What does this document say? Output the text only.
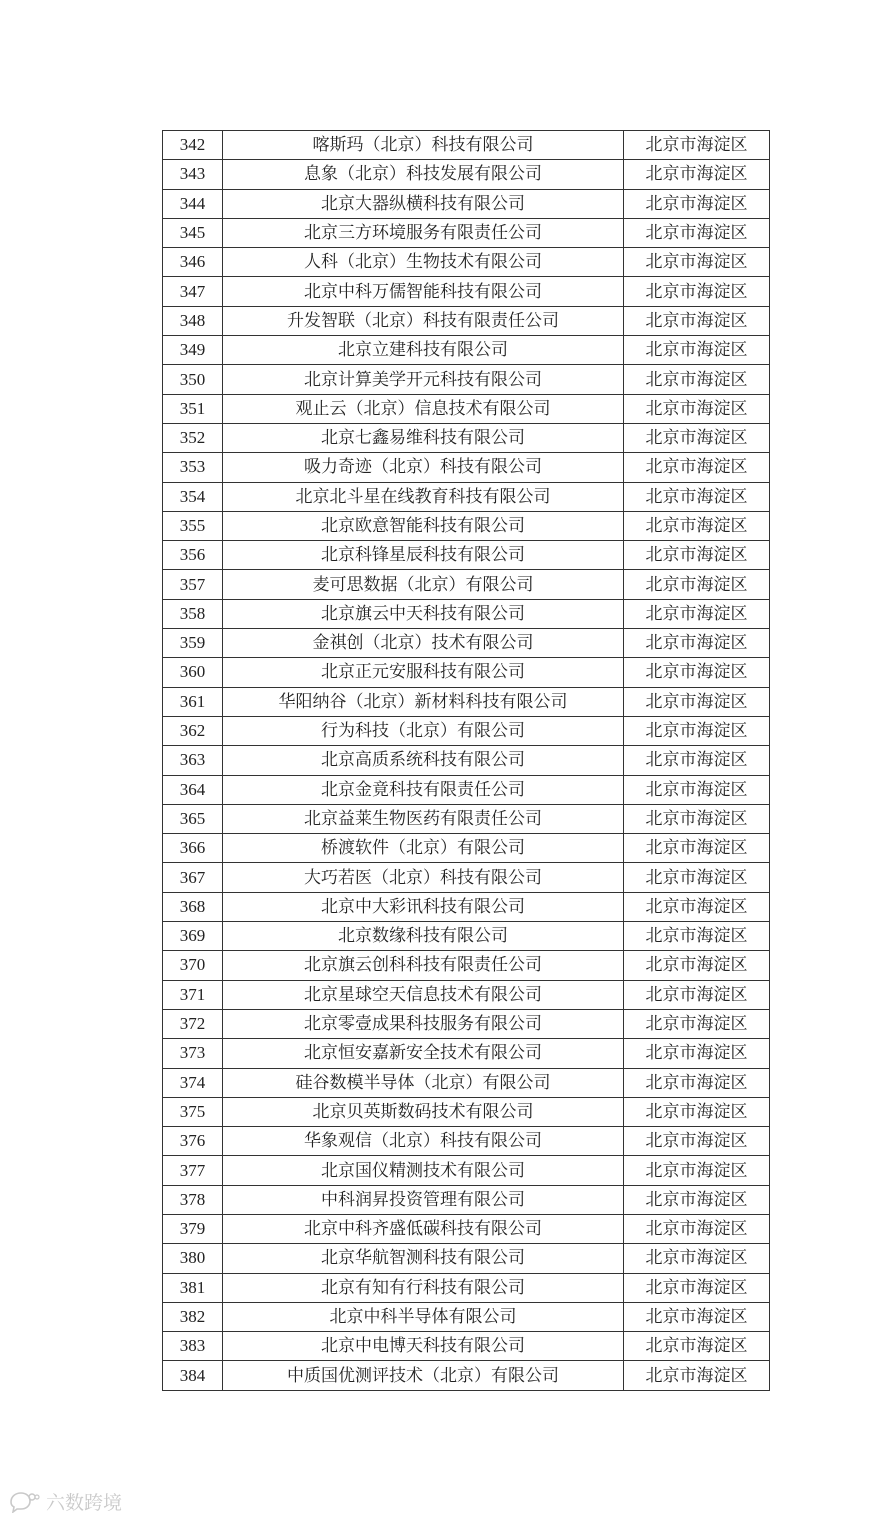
342	喀斯玛（北京）科技有限公司	北京市海淀区
343	息象（北京）科技发展有限公司	北京市海淀区
344	北京大器纵横科技有限公司	北京市海淀区
345	北京三方环境服务有限责任公司	北京市海淀区
346	人科（北京）生物技术有限公司	北京市海淀区
347	北京中科万儒智能科技有限公司	北京市海淀区
348	升发智联（北京）科技有限责任公司	北京市海淀区
349	北京立建科技有限公司	北京市海淀区
350	北京计算美学开元科技有限公司	北京市海淀区
351	观止云（北京）信息技术有限公司	北京市海淀区
352	北京七鑫易维科技有限公司	北京市海淀区
353	吸力奇迹（北京）科技有限公司	北京市海淀区
354	北京北斗星在线教育科技有限公司	北京市海淀区
355	北京欧意智能科技有限公司	北京市海淀区
356	北京科锋星辰科技有限公司	北京市海淀区
357	麦可思数据（北京）有限公司	北京市海淀区
358	北京旗云中天科技有限公司	北京市海淀区
359	金祺创（北京）技术有限公司	北京市海淀区
360	北京正元安服科技有限公司	北京市海淀区
361	华阳纳谷（北京）新材料科技有限公司	北京市海淀区
362	行为科技（北京）有限公司	北京市海淀区
363	北京高质系统科技有限公司	北京市海淀区
364	北京金竟科技有限责任公司	北京市海淀区
365	北京益莱生物医药有限责任公司	北京市海淀区
366	桥渡软件（北京）有限公司	北京市海淀区
367	大巧若医（北京）科技有限公司	北京市海淀区
368	北京中大彩讯科技有限公司	北京市海淀区
369	北京数缘科技有限公司	北京市海淀区
370	北京旗云创科科技有限责任公司	北京市海淀区
371	北京星球空天信息技术有限公司	北京市海淀区
372	北京零壹成果科技服务有限公司	北京市海淀区
373	北京恒安嘉新安全技术有限公司	北京市海淀区
374	硅谷数模半导体（北京）有限公司	北京市海淀区
375	北京贝英斯数码技术有限公司	北京市海淀区
376	华象观信（北京）科技有限公司	北京市海淀区
377	北京国仪精测技术有限公司	北京市海淀区
378	中科润昇投资管理有限公司	北京市海淀区
379	北京中科齐盛低碳科技有限公司	北京市海淀区
380	北京华航智测科技有限公司	北京市海淀区
381	北京有知有行科技有限公司	北京市海淀区
382	北京中科半导体有限公司	北京市海淀区
383	北京中电博天科技有限公司	北京市海淀区
384	中质国优测评技术（北京）有限公司	北京市海淀区
六数跨境
